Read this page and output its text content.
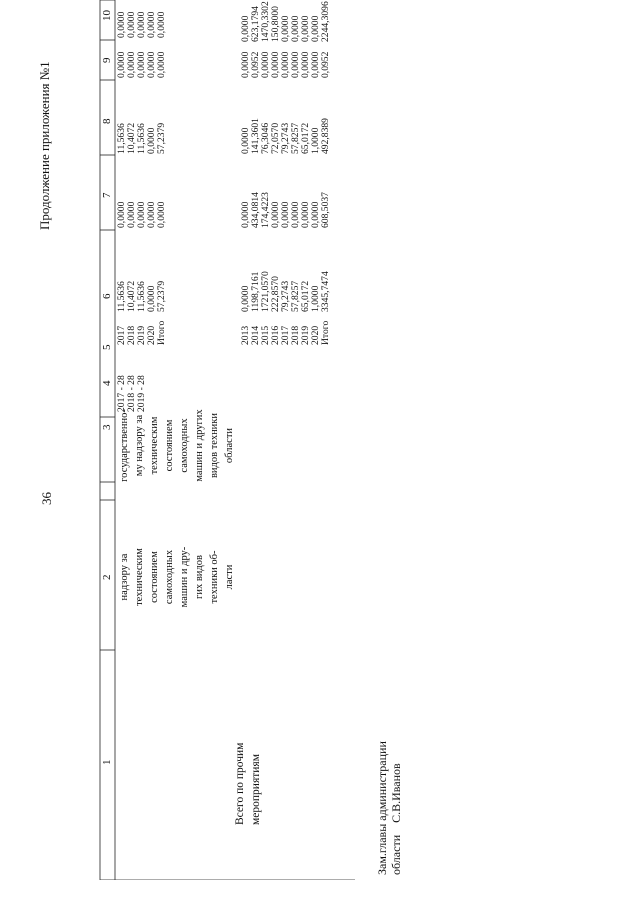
36
Продолжение приложения №1
1
2
3
4
5
6
7
8
9
10
надзору за техническим состоянием самоходных машин и дру- гих видов техники об- ласти
государственно- му надзору за техническим состоянием самоходных машин и других видов техники области
2017 - 28 2018 - 28 2019 - 28
2017 2018 2019 2020 Итого
11,5636 10,4072 11,5636 0,0000 57,2379
0,0000 0,0000 0,0000 0,0000 0,0000
11,5636 10,4072 11,5636 0,0000 57,2379
0,0000 0,0000 0,0000 0,0000 0,0000
0,0000 0,0000 0,0000 0,0000 0,0000
Всего по прочим мероприятиям
2013 2014 2015 2016 2017 2018 2019 2020 Итого
0,0000 1198,7161 1721,0570 222,8570 79,2743 57,8257 65,0172 1,0000 3345,7474
0,0000 434,0814 174,4223 0,0000 0,0000 0,0000 0,0000 0,0000 608,5037
0,0000 141,3601 76,3046 72,0570 79,2743 57,8257 65,0172 1,0000 492,8389
0,0000 0,0952 0,0000 0,0000 0,0000 0,0000 0,0000 0,0000 0,0952
0,0000 623,1794 1470,3302 150,8000 0,0000 0,0000 0,0000 0,0000 2244,3096
Зам.главы администрации области    С.В.Иванов
